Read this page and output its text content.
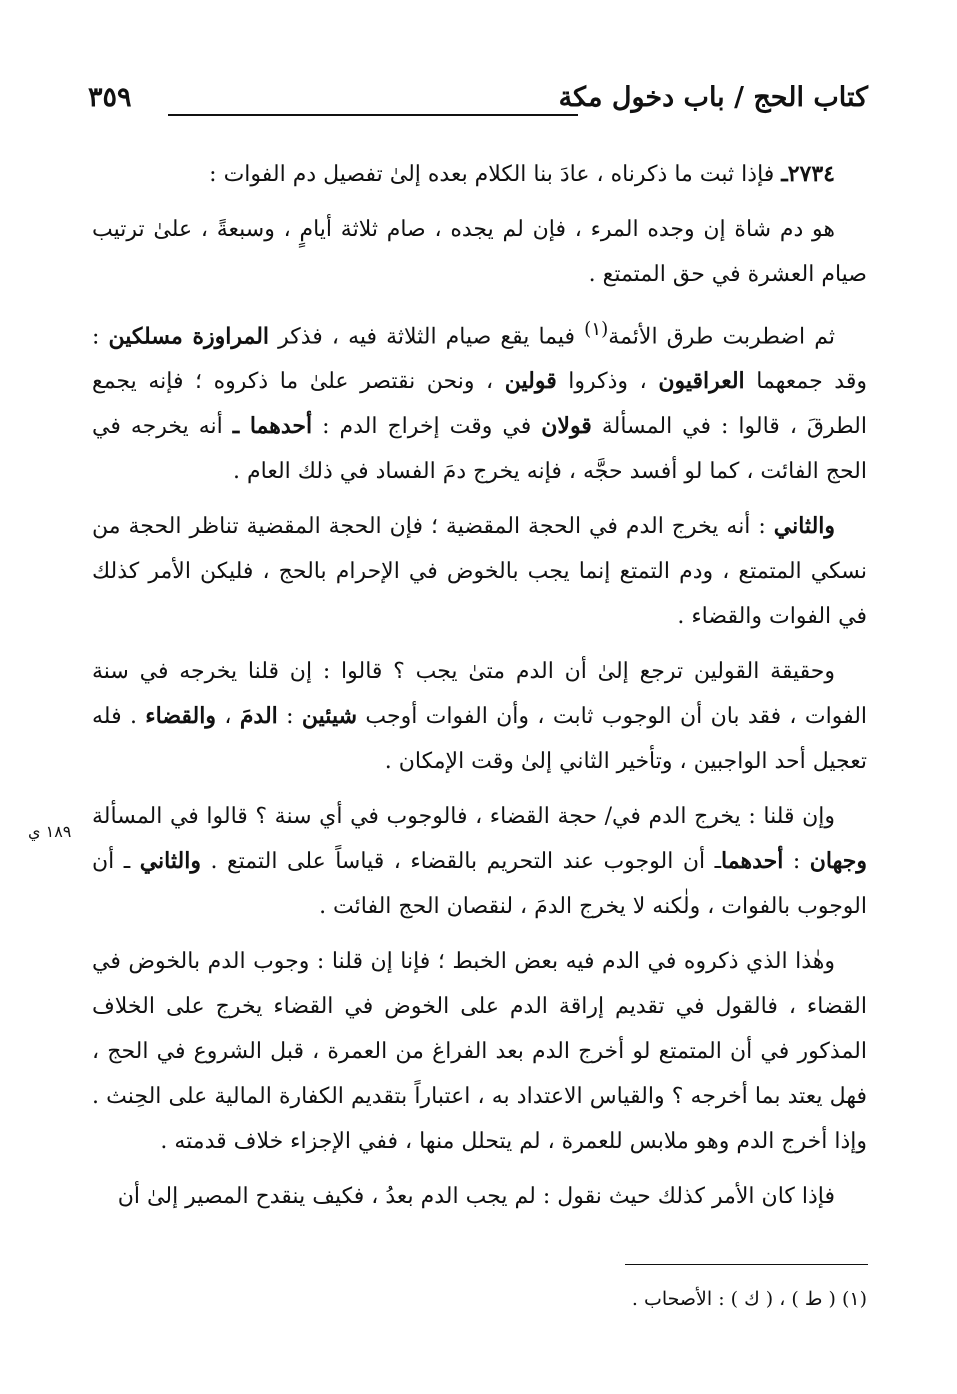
كتاب الحج / باب دخول مكة
٣٥٩

٢٧٣٤ـ فإذا ثبت ما ذكرناه ، عادَ بنا الكلام بعده إلىٰ تفصيل دم الفوات :

هو دم شاة إن وجده المرء ، فإن لم يجده ، صام ثلاثة أيامٍ ، وسبعةً ، علىٰ ترتيب صيام العشرة في حق المتمتع .

ثم اضطربت طرق الأئمة$^{(١)}$ فيما يقع صيام الثلاثة فيه ، فذكر المراوزة مسلكين : وقد جمعهما العراقيون ، وذكروا قولين ، ونحن نقتصر علىٰ ما ذكروه ؛ فإنه يجمع الطرقَ ، قالوا : في المسألة قولان في وقت إخراج الدم : أحدهما ـ أنه يخرجه في الحج الفائت ، كما لو أفسد حجَّه ، فإنه يخرج دمَ الفساد في ذلك العام .

والثاني : أنه يخرج الدم في الحجة المقضية ؛ فإن الحجة المقضية تناظر الحجة من نسكي المتمتع ، ودم التمتع إنما يجب بالخوض في الإحرام بالحج ، فليكن الأمر كذلك في الفوات والقضاء .

وحقيقة القولين ترجع إلىٰ أن الدم متىٰ يجب ؟ قالوا : إن قلنا يخرجه في سنة الفوات ، فقد بان أن الوجوب ثابت ، وأن الفوات أوجب شيئين : الدمَ ، والقضاء . فله تعجيل أحد الواجبين ، وتأخير الثاني إلىٰ وقت الإمكان .

وإن قلنا : يخرج الدم في/ حجة القضاء ، فالوجوب في أي سنة ؟ قالوا في المسألة وجهان : أحدهماـ أن الوجوب عند التحريم بالقضاء ، قياساً على التمتع . والثاني ـ أن الوجوب بالفوات ، ولٰكنه لا يخرج الدمَ ، لنقصان الحج الفائت .

وهٰذا الذي ذكروه في الدم فيه بعض الخبط ؛ فإنا إن قلنا : وجوب الدم بالخوض في القضاء ، فالقول في تقديم إراقة الدم على الخوض في القضاء يخرج على الخلاف المذكور في أن المتمتع لو أخرج الدم بعد الفراغ من العمرة ، قبل الشروع في الحج ، فهل يعتد بما أخرجه ؟ والقياس الاعتداد به ، اعتباراً بتقديم الكفارة المالية على الحِنث . وإذا أخرج الدم وهو ملابس للعمرة ، لم يتحلل منها ، ففي الإجزاء خلاف قدمته .

فإذا كان الأمر كذلك حيث نقول : لم يجب الدم بعدُ ، فكيف ينقدح المصير إلىٰ أن

١٨٩ ي
(١) ( ط ) ، ( ك ) : الأصحاب .
